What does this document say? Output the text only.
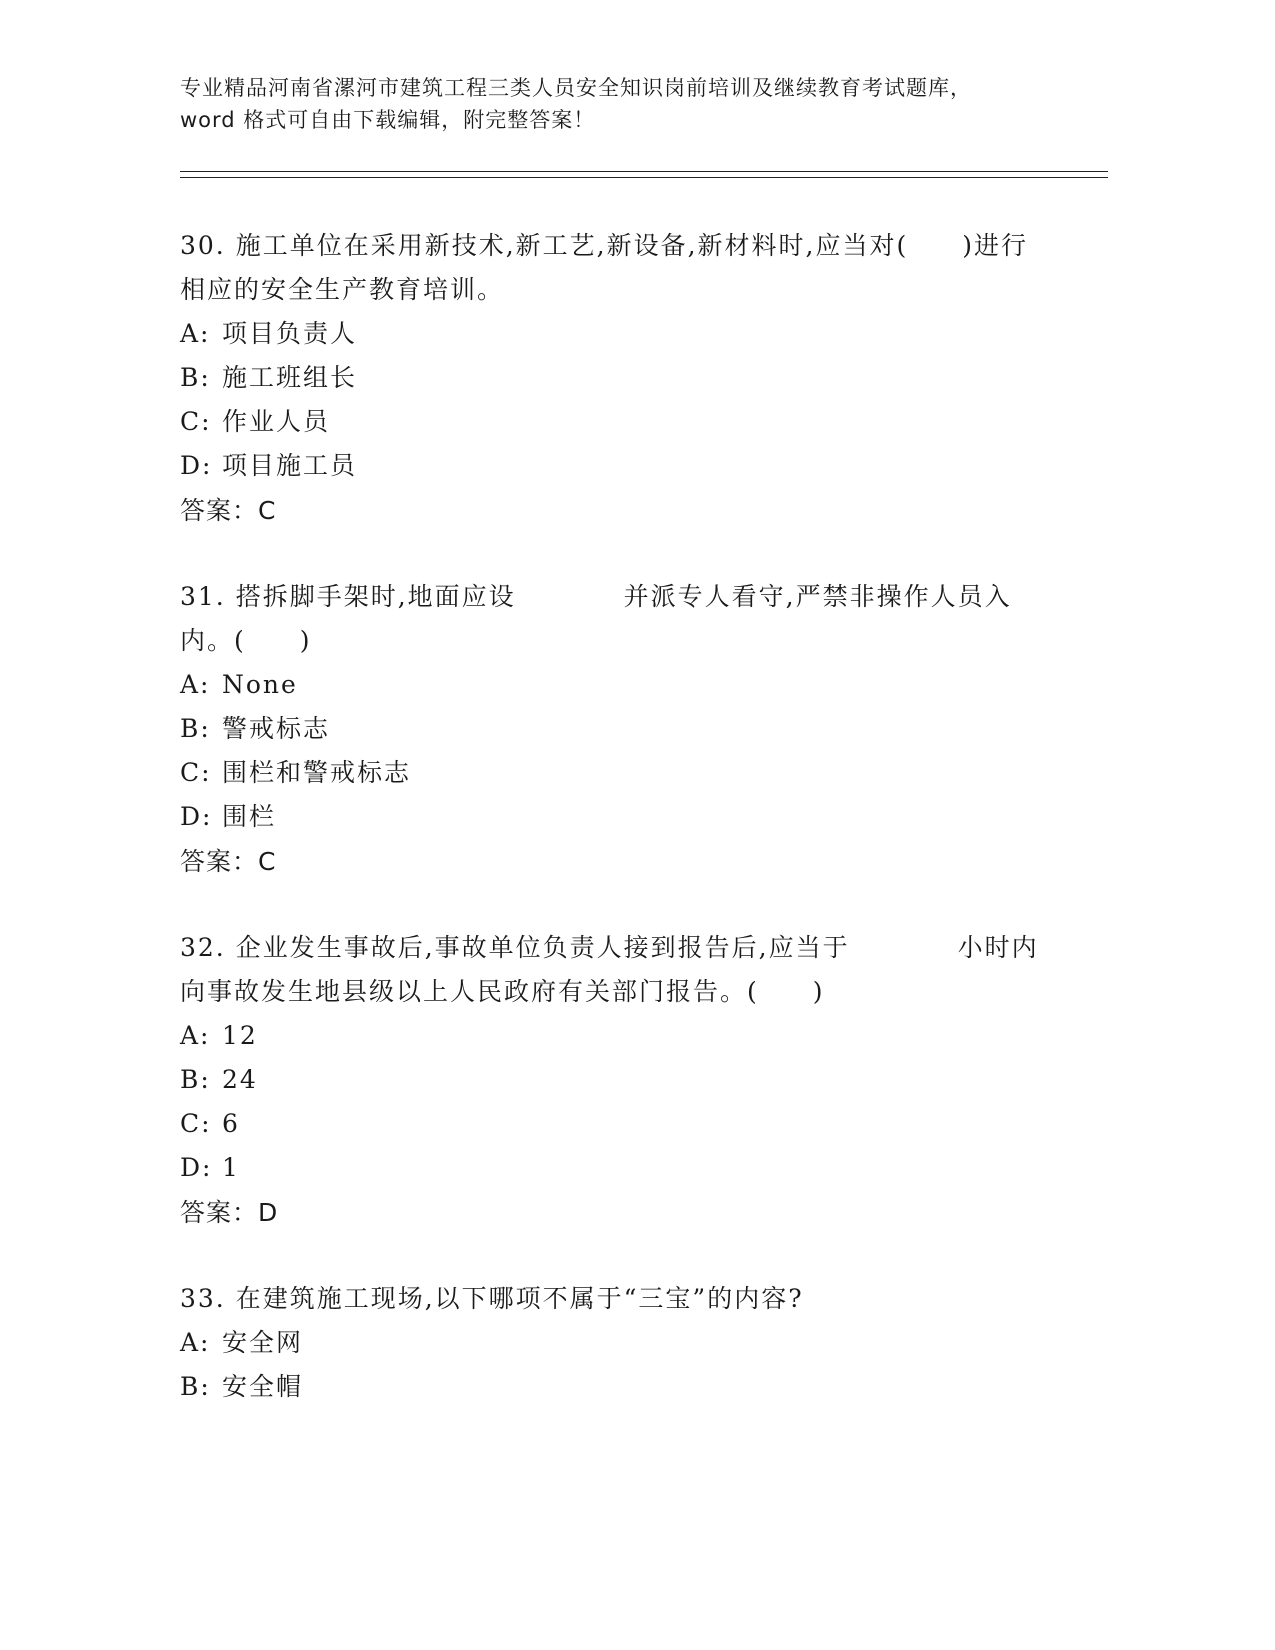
专业精品河南省漯河市建筑工程三类人员安全知识岗前培训及继续教育考试题库，
word 格式可自由下载编辑，附完整答案！

30. 施工单位在采用新技术,新工艺,新设备,新材料时,应当对(　　)进行相应的安全生产教育培训。

A: 项目负责人
B: 施工班组长
C: 作业人员
D: 项目施工员
答案：C

31. 搭拆脚手架时,地面应设　　　　并派专人看守,严禁非操作人员入内。(　　)

A: None
B: 警戒标志
C: 围栏和警戒标志
D: 围栏
答案：C

32. 企业发生事故后,事故单位负责人接到报告后,应当于　　　　小时内向事故发生地县级以上人民政府有关部门报告。(　　)

A: 12
B: 24
C: 6
D: 1
答案：D

33. 在建筑施工现场,以下哪项不属于“三宝”的内容?

A: 安全网
B: 安全帽
